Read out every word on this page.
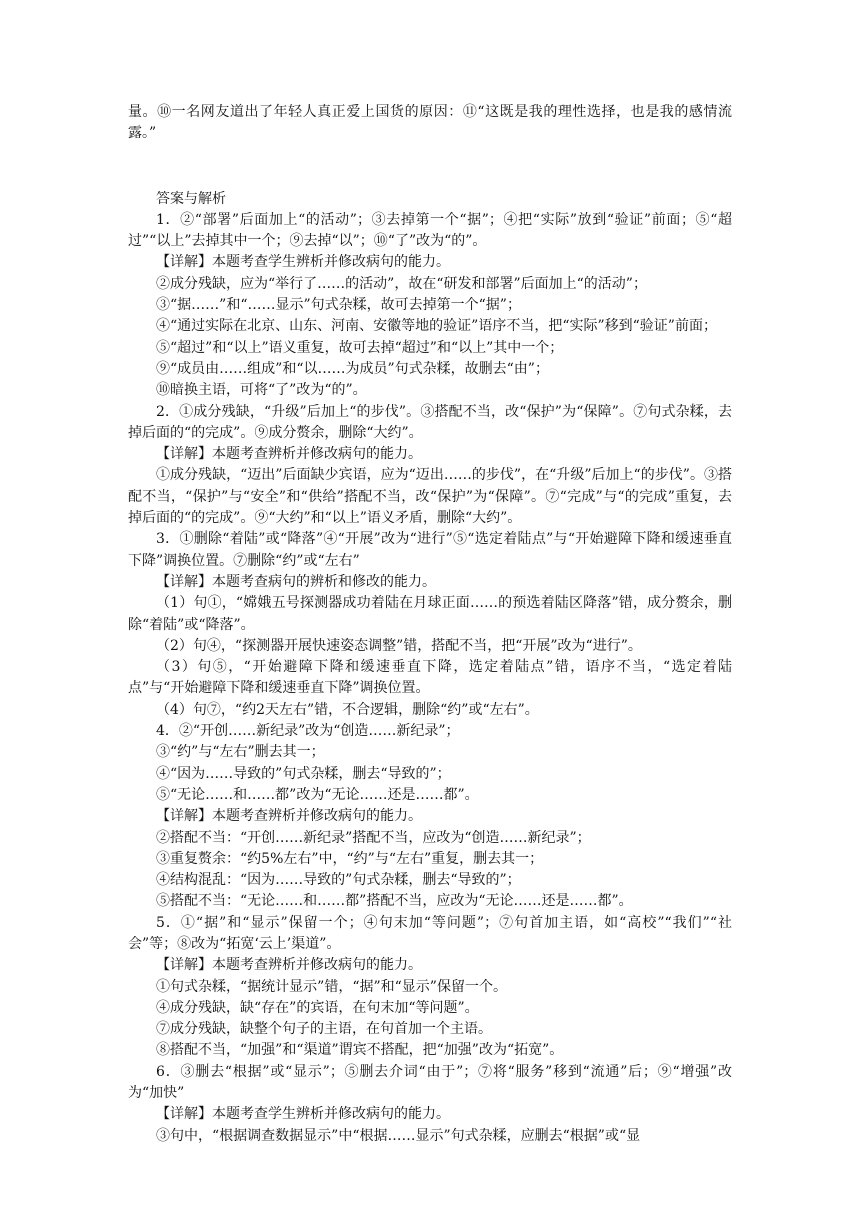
量。⑩一名网友道出了年轻人真正爱上国货的原因：⑪“这既是我的理性选择，也是我的感情流露。”

答案与解析

1．②“部署”后面加上“的活动”；③去掉第一个“据”；④把“实际”放到“验证”前面；⑤“超过”“以上”去掉其中一个；⑨去掉“以”；⑩“了”改为“的”。

【详解】本题考查学生辨析并修改病句的能力。

②成分残缺，应为“举行了……的活动”，故在“研发和部署”后面加上“的活动”；

③“据……”和“……显示”句式杂糅，故可去掉第一个“据”；

④“通过实际在北京、山东、河南、安徽等地的验证”语序不当，把“实际”移到“验证”前面；

⑤“超过”和“以上”语义重复，故可去掉“超过”和“以上”其中一个；

⑨“成员由……组成”和“以……为成员”句式杂糅，故删去“由”；

⑩暗换主语，可将“了”改为“的”。

2．①成分残缺，“升级”后加上“的步伐”。③搭配不当，改“保护”为“保障”。⑦句式杂糅，去掉后面的“的完成”。⑨成分赘余，删除“大约”。

【详解】本题考查辨析并修改病句的能力。

①成分残缺，“迈出”后面缺少宾语，应为“迈出……的步伐”，在“升级”后加上“的步伐”。③搭配不当，“保护”与“安全”和“供给”搭配不当，改“保护”为“保障”。⑦“完成”与“的完成”重复，去掉后面的“的完成”。⑨“大约”和“以上”语义矛盾，删除“大约”。

3．①删除“着陆”或“降落”④“开展”改为“进行”⑤“选定着陆点”与“开始避障下降和缓速垂直下降”调换位置。⑦删除“约”或“左右”

【详解】本题考查病句的辨析和修改的能力。

（1）句①，“嫦娥五号探测器成功着陆在月球正面……的预选着陆区降落”错，成分赘余，删除“着陆”或“降落”。

（2）句④，“探测器开展快速姿态调整”错，搭配不当，把“开展”改为“进行”。

（3）句⑤，“开始避障下降和缓速垂直下降，选定着陆点”错，语序不当，“选定着陆点”与“开始避障下降和缓速垂直下降”调换位置。

（4）句⑦，“约2天左右”错，不合逻辑，删除“约”或“左右”。

4．②“开创……新纪录”改为“创造……新纪录”；

③“约”与“左右”删去其一；

④“因为……导致的”句式杂糅，删去“导致的”；

⑤“无论……和……都”改为“无论……还是……都”。

【详解】本题考查辨析并修改病句的能力。

②搭配不当：“开创……新纪录”搭配不当，应改为“创造……新纪录”；

③重复赘余：“约5%左右”中，“约”与“左右”重复，删去其一；

④结构混乱：“因为……导致的”句式杂糅，删去“导致的”；

⑤搭配不当：“无论……和……都”搭配不当，应改为“无论……还是……都”。

5．①“据”和“显示”保留一个；④句末加“等问题”；⑦句首加主语，如“高校”“我们”“社会”等；⑧改为“拓宽‘云上’渠道”。

【详解】本题考查辨析并修改病句的能力。

①句式杂糅，“据统计显示”错，“据”和“显示”保留一个。

④成分残缺，缺“存在”的宾语，在句末加“等问题”。

⑦成分残缺，缺整个句子的主语，在句首加一个主语。

⑧搭配不当，“加强”和“渠道”谓宾不搭配，把“加强”改为“拓宽”。

6．③删去“根据”或“显示”；⑤删去介词“由于”；⑦将“服务”移到“流通”后；⑨“增强”改为“加快”

【详解】本题考查学生辨析并修改病句的能力。

③句中，“根据调查数据显示”中“根据……显示”句式杂糅，应删去“根据”或“显
